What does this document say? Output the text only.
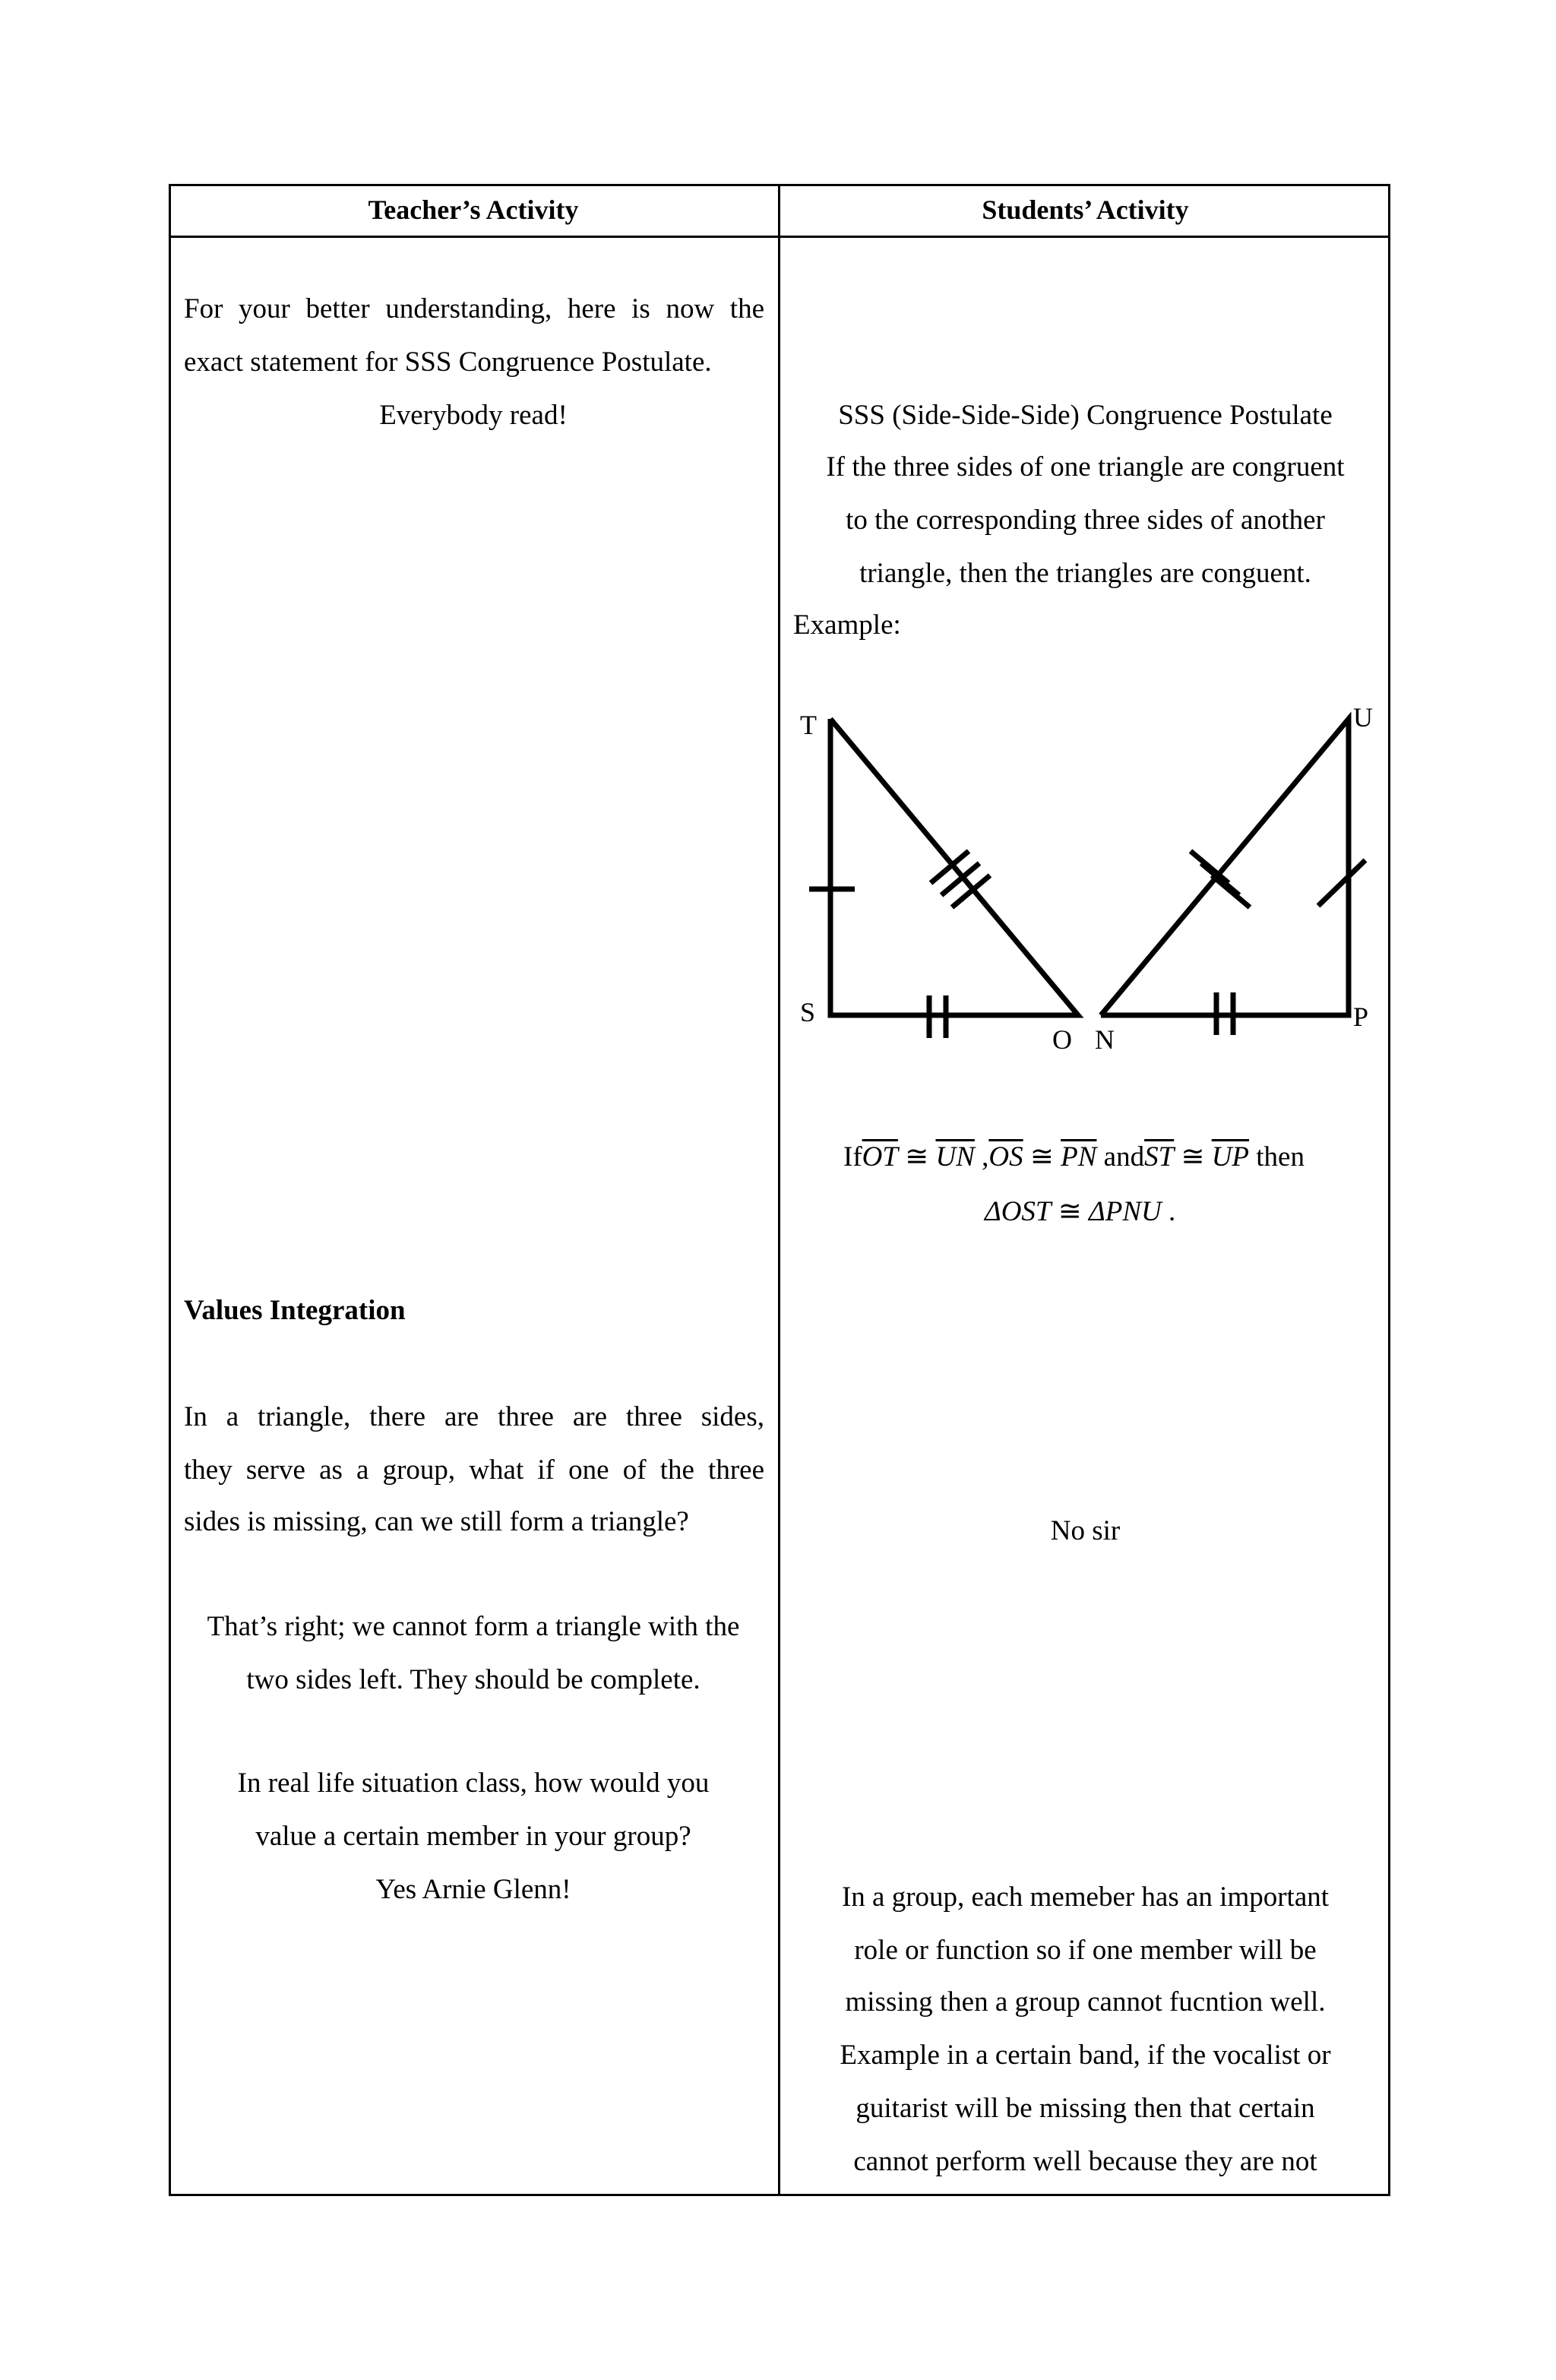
Teacher’s Activity	Students’ Activity
For your better understanding, here is now the
exact statement for SSS Congruence Postulate.
Everybody read!
Values Integration
In a triangle, there are three are three sides,
they serve as a group, what if one of the three
sides is missing, can we still form a triangle?
That’s right; we cannot form a triangle with the
two sides left. They should be complete.
In real life situation class, how would you
value a certain member in your group?
Yes Arnie Glenn!
SSS (Side-Side-Side) Congruence Postulate
If the three sides of one triangle are congruent
to the corresponding three sides of another
triangle, then the triangles are conguent.
Example:
T
S
O N
U
P
$If\overline{OT}$ ≅ $\overline{UN}$ $,\overline{OS}$ ≅ $\overline{PN}$ $and\overline{ST}$ ≅ $\overline{UP}$ then
ΔOST ≅ ΔPNU .
No sir
In a group, each memeber has an important
role or function so if one member will be
missing then a group cannot fucntion well.
Example in a certain band, if the vocalist or
guitarist will be missing then that certain
cannot perform well because they are not
